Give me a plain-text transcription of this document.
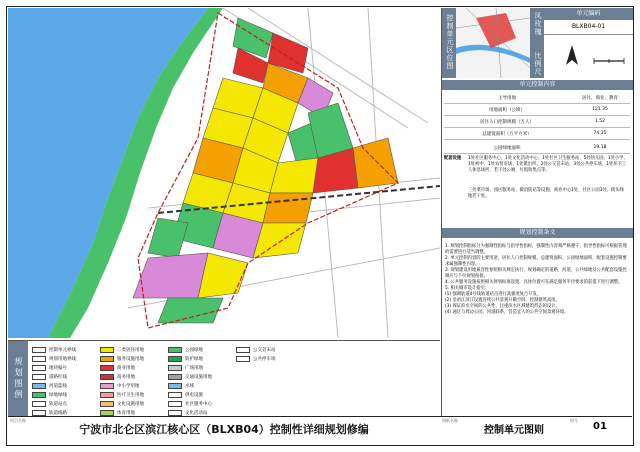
控制单元区位图	风玫瑰
比例尺
单元编码
BLXB04-01
单元控制内容
主导用地	居住、商业、教育
用地面积（公顷）	121.35
居住人口控制规模（万人）	1.52
总建筑面积（万平方米）	74.35
公园绿地面积	19.18
配套设施	1处社区服务中心、1处文化活动中心、1处社区卫生服务站、5处幼儿园、1处小学、1处初中、1处农贸市场、1处派出所、2处公交首末站、3处公共停车场、1处环卫工人休息场所、若干处公厕、垃圾收集点等。
三处菜市场、园区服务站、微消防站等设施。商业中心1处、社区公园3处、街头绿地若干处。
规划控制条文
1. 规划控制指标分为强制性指标与指导性指标，强制性内容须严格遵守，指导性指标可根据管理的需要进行适当调整。
2. 单元控制内容的主要用途、居住人口控制规模、总建筑面积、公园绿地面积、配套设施控制要求属强制性内容。
3. 规划建设用地兼容性参照相关规定执行，规划确定的道路、河道、公共绿地及公共配套设施控制应与下位规划衔接。
4. 公共服务设施按照相关规划标准设置，具体位置可在满足服务半径要求的前提下进行调整。
5. 相关城市设计指引：
(1) 强调轨道4号线轨道站点进行高强度复合开发。
(2) 沿甬江滨江设置连续公共景观开敞空间，控制建筑高度。
(3) 保证滨水空间的公共性，注重滨水区域建筑形态的设计。
(4) 通过与周边公园、河道联系，营造宜人的公共空间景观环境。
规划图例
控制单元界线
规划用地界线
地块编号
道路红线
河道蓝线
绿地绿线
轨道站点
轨道线路
二类居住用地
服务设施用地
商业用地
商务用地
中小学用地
医疗卫生用地
文化设施用地
体育用地
公园绿地
防护绿地
广场用地
交通设施用地
水域
供电设施
社区服务中心
文化活动站
公交首末站
公共停车场
项目名称
宁波市北仑区滨江核心区（BLXB04）控制性详细规划修编
图纸名称
控制单元图则
图号
01
